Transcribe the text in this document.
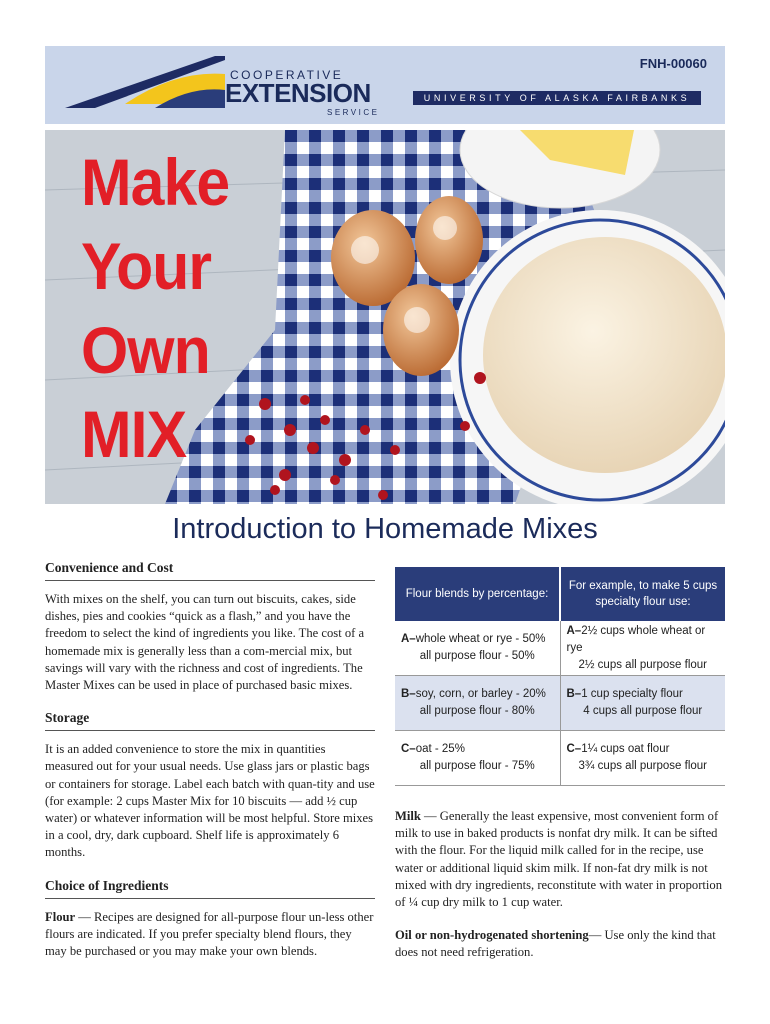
COOPERATIVE
EXTENSION
SERVICE
FNH-00060
UNIVERSITY OF ALASKA FAIRBANKS
Make
Your
Own
MIX
Introduction to Homemade Mixes
Convenience and Cost

With mixes on the shelf, you can turn out biscuits, cakes, side dishes, pies and cookies “quick as a flash,” and you have the freedom to select the kind of ingredients you like. The cost of a homemade mix is generally less than a com-mercial mix, but savings will vary with the richness and cost of ingredients. The Master Mixes can be used in place of purchased basic mixes.

Storage

It is an added convenience to store the mix in quantities measured out for your usual needs. Use glass jars or plastic bags or containers for storage. Label each batch with quan-tity and use (for example: 2 cups Master Mix for 10 biscuits — add ½ cup water) or whatever information will be most helpful. Store mixes in a cool, dry, dark cupboard. Shelf life is approximately 6 months.

Choice of Ingredients

Flour — Recipes are designed for all-purpose flour un-less other flours are indicated. If you prefer specialty blend flours, they may be purchased or you may make your own blends.

Flour blends by percentage:	For example, to make 5 cups specialty flour use:

A–whole wheat or rye - 50%
all purpose flour - 50%	A–2½ cups whole wheat or rye
2½ cups all purpose flour

B–soy, corn, or barley - 20%
all purpose flour - 80%	B–1 cup specialty flour
4 cups all purpose flour

C–oat - 25%
all purpose flour - 75%	C–1¼ cups oat flour
3¾ cups all purpose flour

Milk — Generally the least expensive, most convenient form of milk to use in baked products is nonfat dry milk. It can be sifted with the flour. For the liquid milk called for in the recipe, use water or additional liquid skim milk. If non-fat dry milk is not mixed with dry ingredients, reconstitute with water in proportion of ¼ cup dry milk to 1 cup water.

Oil or non-hydrogenated shortening— Use only the kind that does not need refrigeration.
